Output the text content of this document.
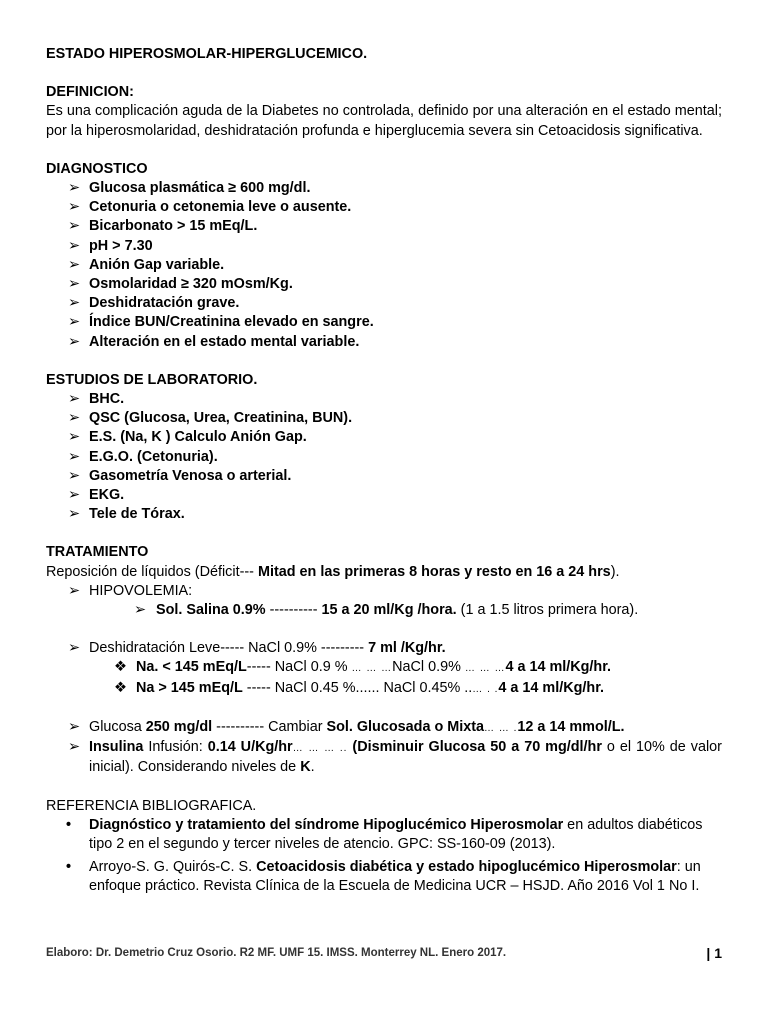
ESTADO HIPEROSMOLAR-HIPERGLUCEMICO.
DEFINICION:
Es una complicación aguda de la Diabetes no controlada, definido por una alteración en el estado mental; por la hiperosmolaridad, deshidratación profunda e hiperglucemia severa sin Cetoacidosis significativa.
DIAGNOSTICO
➢ Glucosa plasmática ≥ 600 mg/dl.
➢ Cetonuria o cetonemia leve o ausente.
➢ Bicarbonato > 15 mEq/L.
➢ pH > 7.30
➢ Anión Gap variable.
➢ Osmolaridad ≥ 320 mOsm/Kg.
➢ Deshidratación grave.
➢ Índice BUN/Creatinina elevado en sangre.
➢ Alteración en el estado mental variable.
ESTUDIOS DE LABORATORIO.
➢ BHC.
➢ QSC (Glucosa, Urea, Creatinina, BUN).
➢ E.S. (Na, K ) Calculo Anión Gap.
➢ E.G.O. (Cetonuria).
➢ Gasometría Venosa o arterial.
➢ EKG.
➢ Tele de Tórax.
TRATAMIENTO
Reposición de líquidos (Déficit--- Mitad en las primeras 8 horas y resto en 16 a 24 hrs).
➢ HIPOVOLEMIA:
➢ Sol. Salina 0.9% ---------- 15 a 20 ml/Kg /hora. (1 a 1.5 litros primera hora).
➢ Deshidratación Leve----- NaCl 0.9% --------- 7 ml /Kg/hr.
❖ Na. < 145 mEq/L----- NaCl 0.9 % … … …NaCl 0.9% … … …4 a 14 ml/Kg/hr.
❖ Na > 145 mEq/L ----- NaCl 0.45 %...... NaCl 0.45% ..… . .4 a 14 ml/Kg/hr.
➢ Glucosa 250 mg/dl ---------- Cambiar Sol. Glucosada o Mixta… … .12 a 14 mmol/L.
➢ Insulina Infusión: 0.14 U/Kg/hr… … … .. (Disminuir Glucosa 50 a 70 mg/dl/hr o el 10% de valor inicial). Considerando niveles de K.
REFERENCIA BIBLIOGRAFICA.
• Diagnóstico y tratamiento del síndrome Hipoglucémico Hiperosmolar en adultos diabéticos tipo 2 en el segundo y tercer niveles de atencio. GPC: SS-160-09 (2013).
• Arroyo-S. G. Quirós-C. S. Cetoacidosis diabética y estado hipoglucémico Hiperosmolar: un enfoque práctico. Revista Clínica de la Escuela de Medicina UCR – HSJD. Año 2016 Vol 1 No I.
Elaboro: Dr. Demetrio Cruz Osorio. R2 MF. UMF 15. IMSS. Monterrey NL. Enero 2017.	| 1
